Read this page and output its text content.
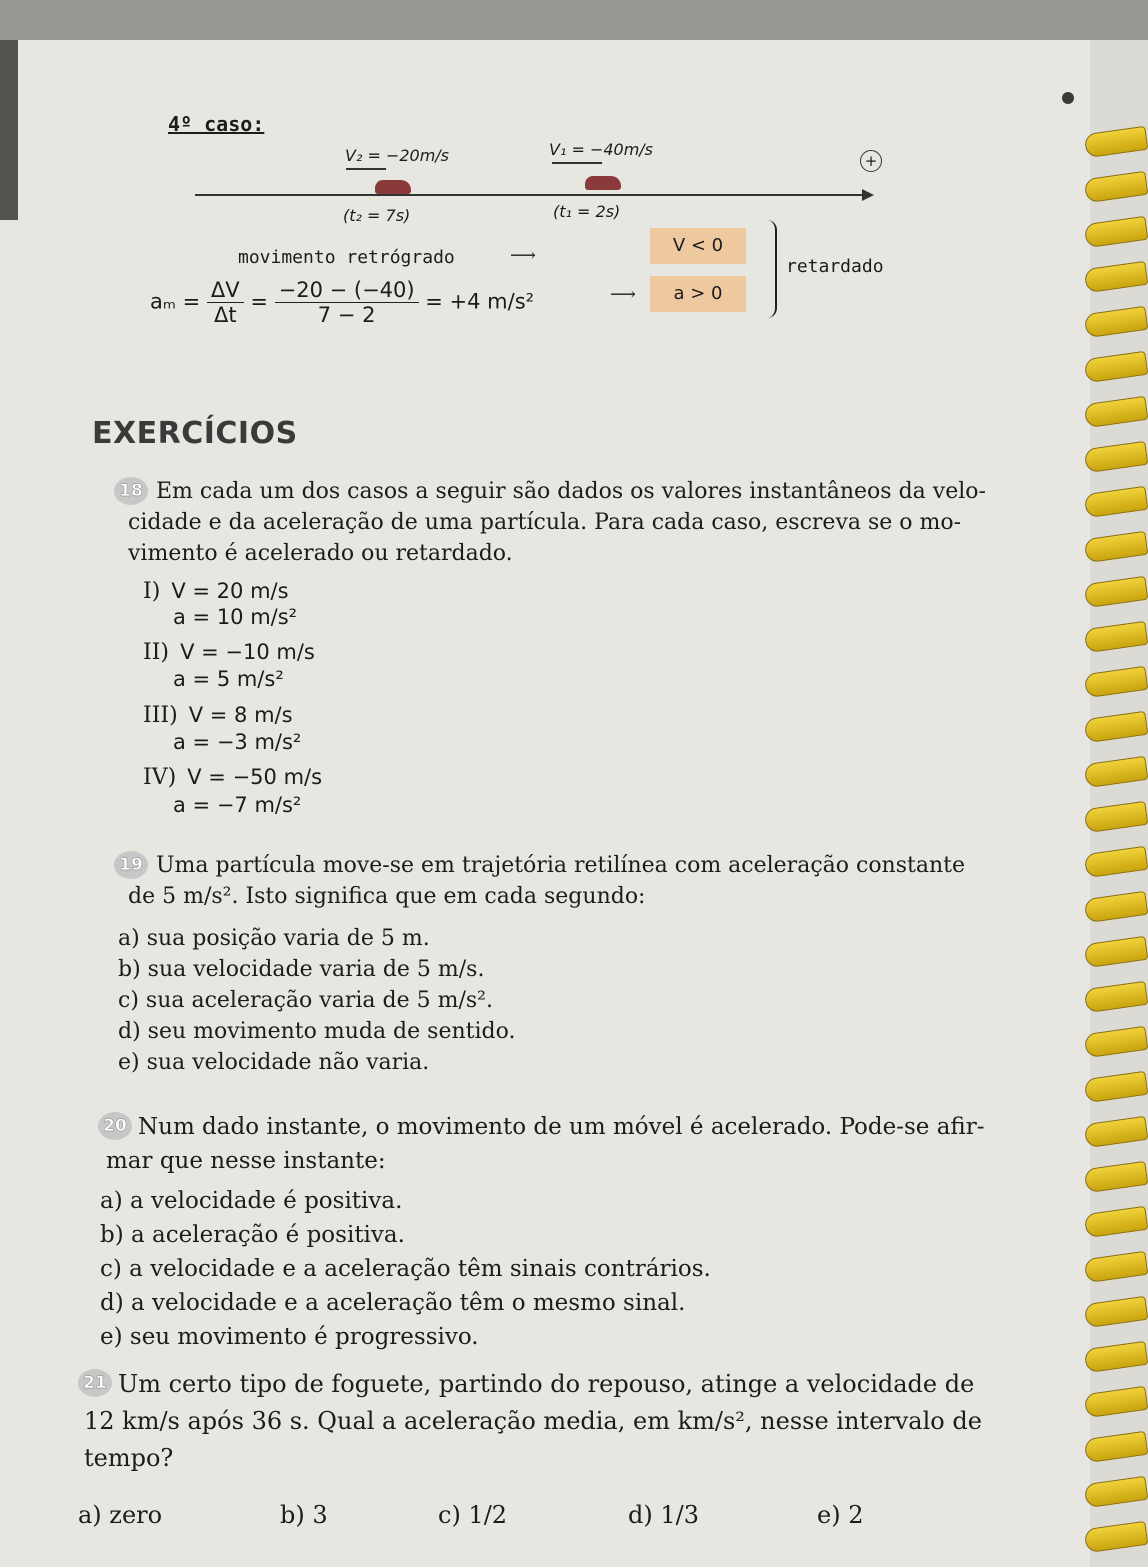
4º caso:
V₂ = −20m/s	V₁ = −40m/s
+
(t₂ = 7s)	(t₁ = 2s)
movimento retrógrado	⟶
$a_m = \frac{\Delta V}{\Delta t} = \frac{-20 - (-40)}{7 - 2} = +4$ m/s²	⟶
V < 0
a > 0
retardado
EXERCÍCIOS
18 Em cada um dos casos a seguir são dados os valores instantâneos da velo-
cidade e da aceleração de uma partícula. Para cada caso, escreva se o mo-
vimento é acelerado ou retardado.
I) V = 20 m/s
a = 10 m/s²
II) V = −10 m/s
a = 5 m/s²
III) V = 8 m/s
a = −3 m/s²
IV) V = −50 m/s
a = −7 m/s²
19 Uma partícula move-se em trajetória retilínea com aceleração constante
de 5 m/s². Isto significa que em cada segundo:
a) sua posição varia de 5 m.
b) sua velocidade varia de 5 m/s.
c) sua aceleração varia de 5 m/s².
d) seu movimento muda de sentido.
e) sua velocidade não varia.
20 Num dado instante, o movimento de um móvel é acelerado. Pode-se afir-
mar que nesse instante:
a) a velocidade é positiva.
b) a aceleração é positiva.
c) a velocidade e a aceleração têm sinais contrários.
d) a velocidade e a aceleração têm o mesmo sinal.
e) seu movimento é progressivo.
21 Um certo tipo de foguete, partindo do repouso, atinge a velocidade de
12 km/s após 36 s. Qual a aceleração media, em km/s², nesse intervalo de
tempo?
a) zero	b) 3	c) 1/2	d) 1/3	e) 2
